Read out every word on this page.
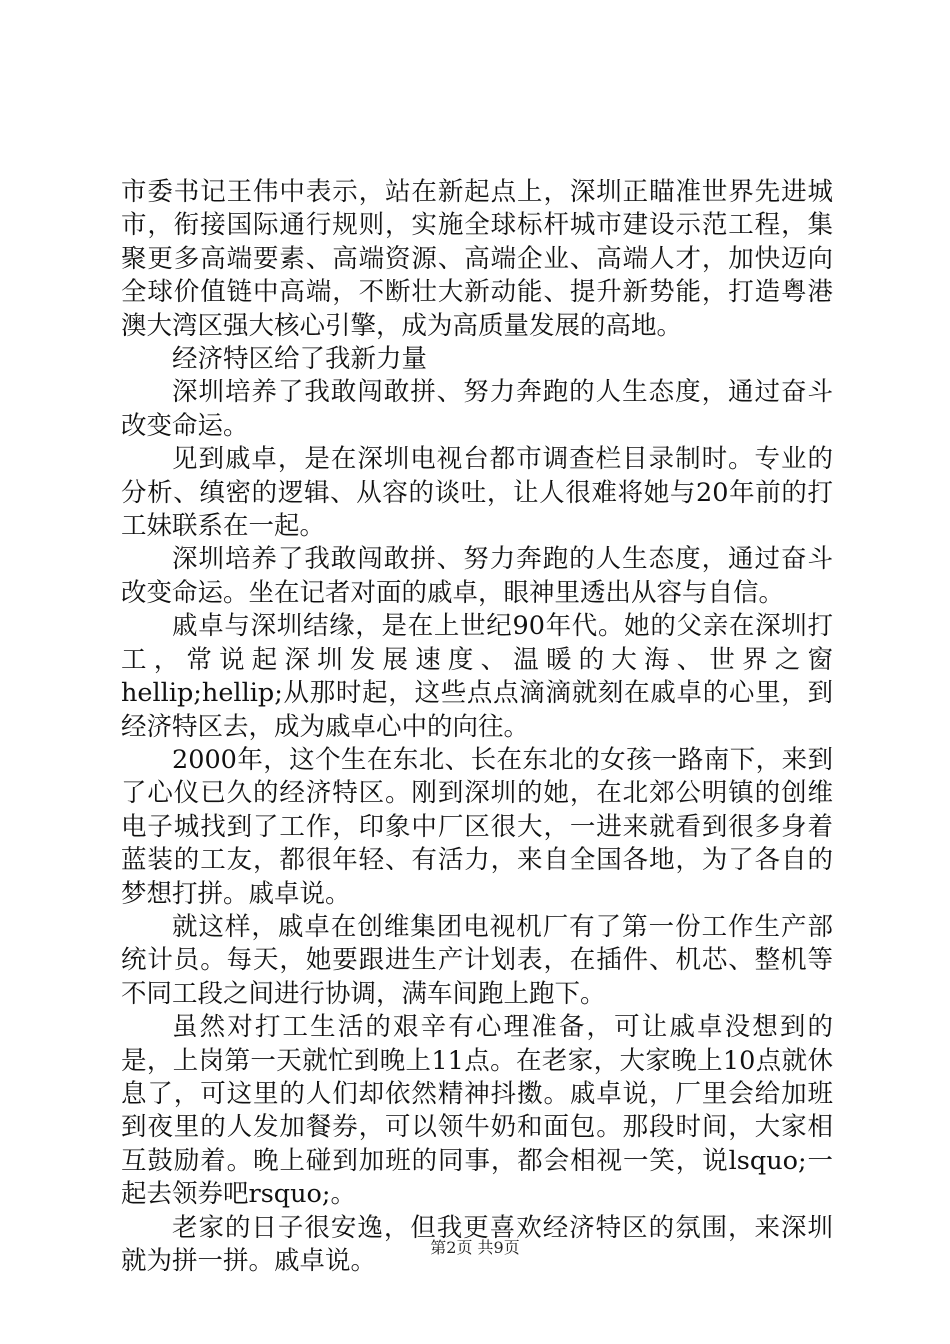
市委书记王伟中表示，站在新起点上，深圳正瞄准世界先进城市，衔接国际通行规则，实施全球标杆城市建设示范工程，集聚更多高端要素、高端资源、高端企业、高端人才，加快迈向全球价值链中高端，不断壮大新动能、提升新势能，打造粤港澳大湾区强大核心引擎，成为高质量发展的高地。

经济特区给了我新力量

深圳培养了我敢闯敢拼、努力奔跑的人生态度，通过奋斗改变命运。

见到戚卓，是在深圳电视台都市调查栏目录制时。专业的分析、缜密的逻辑、从容的谈吐，让人很难将她与20年前的打工妹联系在一起。

深圳培养了我敢闯敢拼、努力奔跑的人生态度，通过奋斗改变命运。坐在记者对面的戚卓，眼神里透出从容与自信。

戚卓与深圳结缘，是在上世纪90年代。她的父亲在深圳打工，常说起深圳发展速度、温暖的大海、世界之窗hellip;hellip;从那时起，这些点点滴滴就刻在戚卓的心里，到经济特区去，成为戚卓心中的向往。

2000年，这个生在东北、长在东北的女孩一路南下，来到了心仪已久的经济特区。刚到深圳的她，在北郊公明镇的创维电子城找到了工作，印象中厂区很大，一进来就看到很多身着蓝装的工友，都很年轻、有活力，来自全国各地，为了各自的梦想打拼。戚卓说。

就这样，戚卓在创维集团电视机厂有了第一份工作生产部统计员。每天，她要跟进生产计划表，在插件、机芯、整机等不同工段之间进行协调，满车间跑上跑下。

虽然对打工生活的艰辛有心理准备，可让戚卓没想到的是，上岗第一天就忙到晚上11点。在老家，大家晚上10点就休息了，可这里的人们却依然精神抖擞。戚卓说，厂里会给加班到夜里的人发加餐券，可以领牛奶和面包。那段时间，大家相互鼓励着。晚上碰到加班的同事，都会相视一笑，说lsquo;一起去领券吧rsquo;。

老家的日子很安逸，但我更喜欢经济特区的氛围，来深圳就为拼一拼。戚卓说。	第2页 共9页
